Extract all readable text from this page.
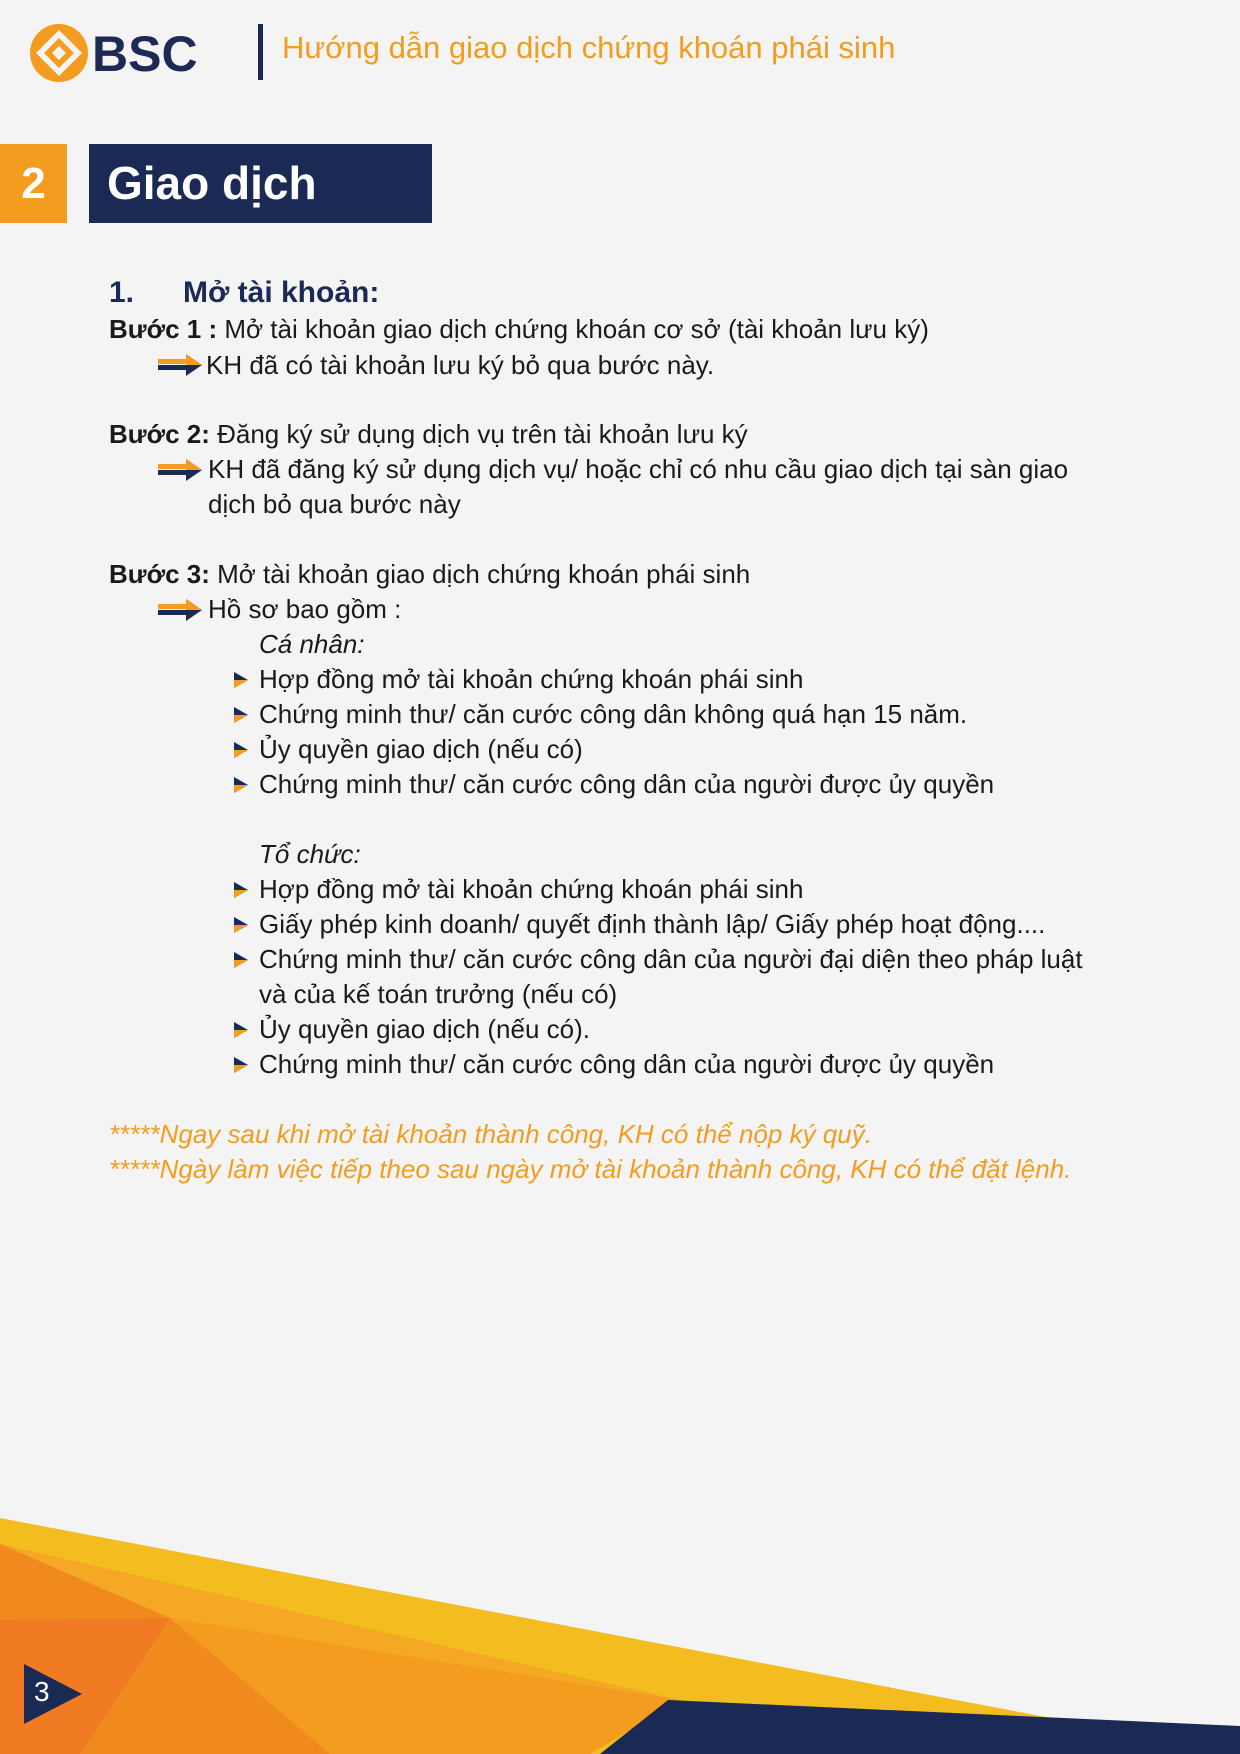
BSC	Hướng dẫn giao dịch chứng khoán phái sinh
2	Giao dịch
1. Mở tài khoản:
Bước 1 : Mở tài khoản giao dịch chứng khoán cơ sở (tài khoản lưu ký)
KH đã có tài khoản lưu ký bỏ qua bước này.
Bước 2: Đăng ký sử dụng dịch vụ trên tài khoản lưu ký
KH đã đăng ký sử dụng dịch vụ/ hoặc chỉ có nhu cầu giao dịch tại sàn giao
dịch bỏ qua bước này
Bước 3: Mở tài khoản giao dịch chứng khoán phái sinh
Hồ sơ bao gồm :
Cá nhân:
Hợp đồng mở tài khoản chứng khoán phái sinh
Chứng minh thư/ căn cước công dân không quá hạn 15 năm.
Ủy quyền giao dịch (nếu có)
Chứng minh thư/ căn cước công dân của người được ủy quyền
Tổ chức:
Hợp đồng mở tài khoản chứng khoán phái sinh
Giấy phép kinh doanh/ quyết định thành lập/ Giấy phép hoạt động....
Chứng minh thư/ căn cước công dân của người đại diện theo pháp luật
và của kế toán trưởng (nếu có)
Ủy quyền giao dịch (nếu có).
Chứng minh thư/ căn cước công dân của người được ủy quyền
*****Ngay sau khi mở tài khoản thành công, KH có thể nộp ký quỹ.
*****Ngày làm việc tiếp theo sau ngày mở tài khoản thành công, KH có thể đặt lệnh.
3
